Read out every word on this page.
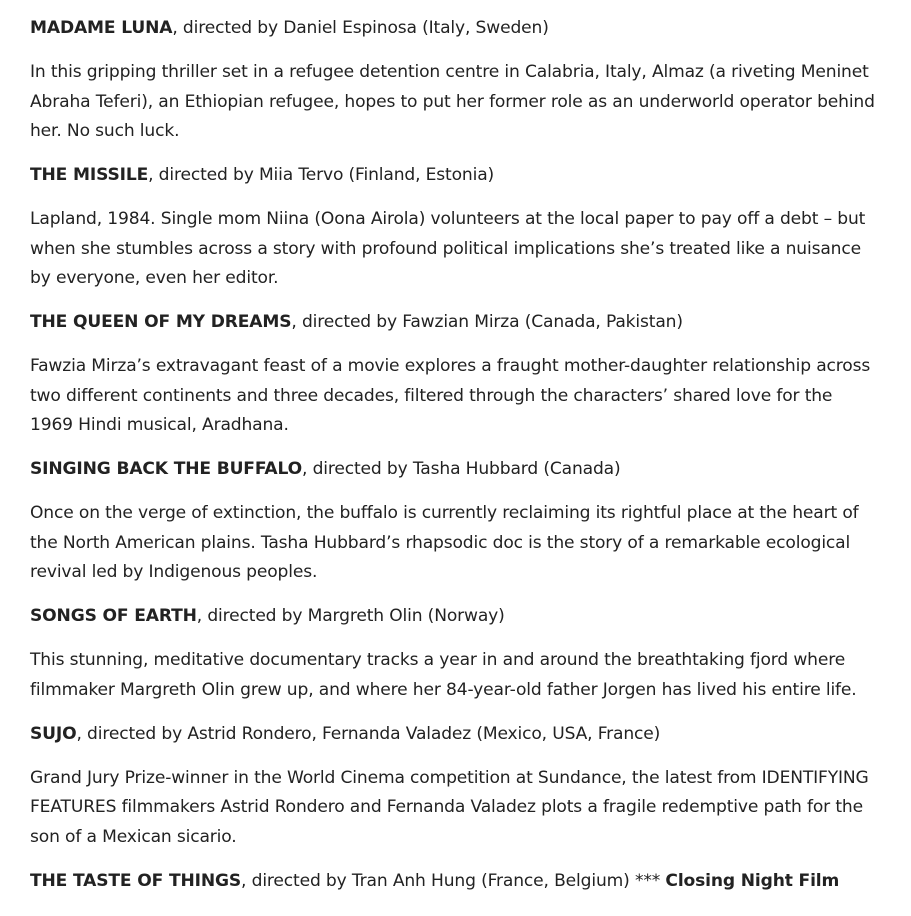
MADAME LUNA, directed by Daniel Espinosa (Italy, Sweden)

In this gripping thriller set in a refugee detention centre in Calabria, Italy, Almaz (a riveting Meninet Abraha Teferi), an Ethiopian refugee, hopes to put her former role as an underworld operator behind her. No such luck.

THE MISSILE, directed by Miia Tervo (Finland, Estonia)

Lapland, 1984. Single mom Niina (Oona Airola) volunteers at the local paper to pay off a debt – but when she stumbles across a story with profound political implications she’s treated like a nuisance by everyone, even her editor.

THE QUEEN OF MY DREAMS, directed by Fawzian Mirza (Canada, Pakistan)

Fawzia Mirza’s extravagant feast of a movie explores a fraught mother-daughter relationship across two different continents and three decades, filtered through the characters’ shared love for the 1969 Hindi musical, Aradhana.

SINGING BACK THE BUFFALO, directed by Tasha Hubbard (Canada)

Once on the verge of extinction, the buffalo is currently reclaiming its rightful place at the heart of the North American plains. Tasha Hubbard’s rhapsodic doc is the story of a remarkable ecological revival led by Indigenous peoples.

SONGS OF EARTH, directed by Margreth Olin (Norway)

This stunning, meditative documentary tracks a year in and around the breathtaking fjord where filmmaker Margreth Olin grew up, and where her 84-year-old father Jorgen has lived his entire life.

SUJO, directed by Astrid Rondero, Fernanda Valadez (Mexico, USA, France)

Grand Jury Prize-winner in the World Cinema competition at Sundance, the latest from IDENTIFYING FEATURES filmmakers Astrid Rondero and Fernanda Valadez plots a fragile redemptive path for the son of a Mexican sicario.

THE TASTE OF THINGS, directed by Tran Anh Hung (France, Belgium) *** Closing Night Film
